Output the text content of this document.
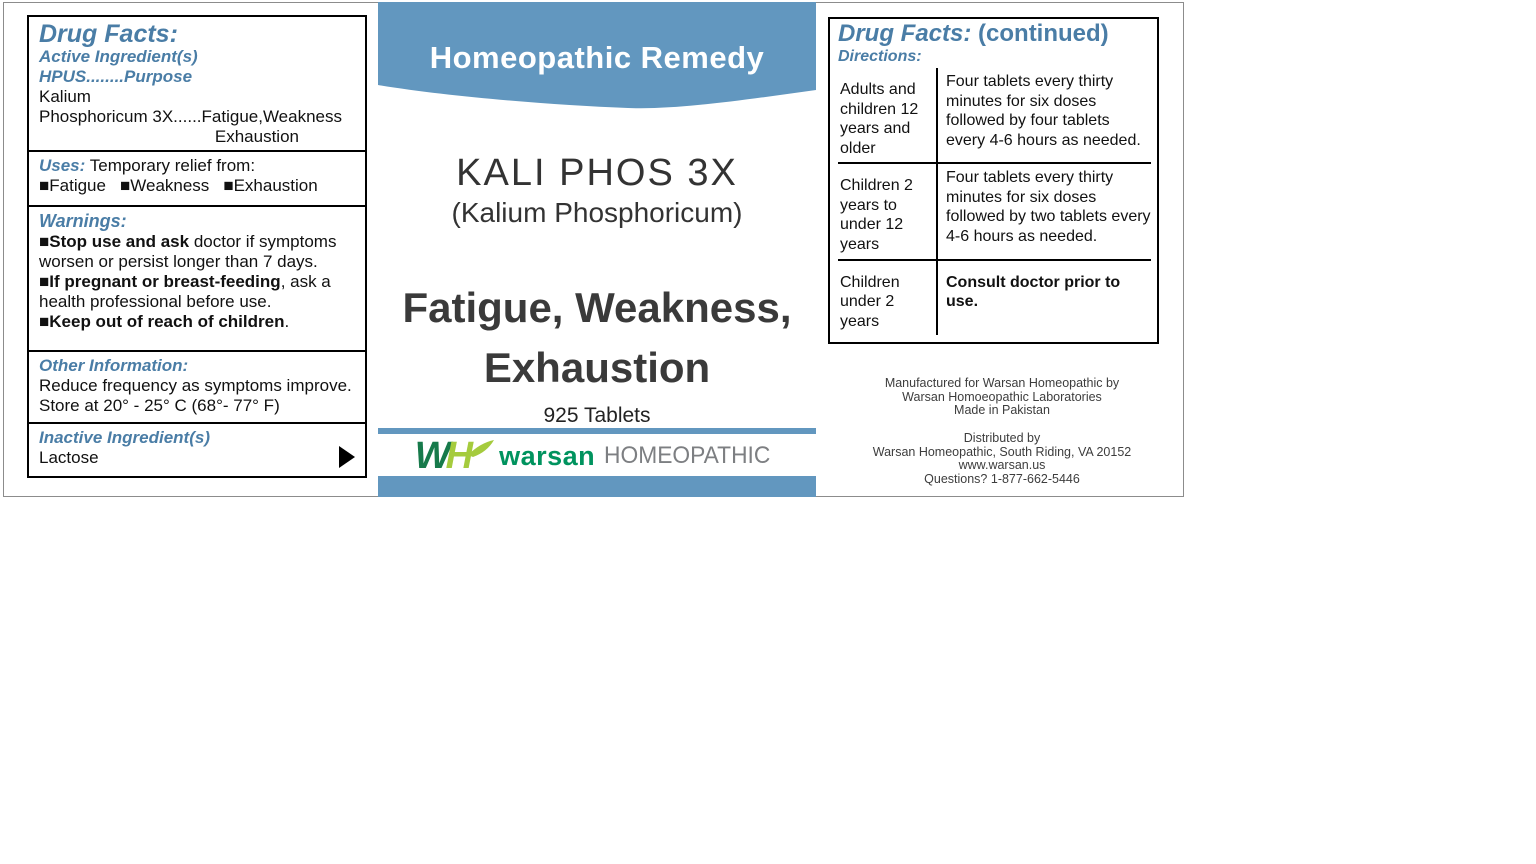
Drug Facts:
Active Ingredient(s) HPUS........Purpose
Kalium
Phosphoricum 3X......Fatigue,Weakness
Exhaustion
Uses: Temporary relief from:
■Fatigue ■Weakness ■Exhaustion
Warnings:
■Stop use and ask doctor if symptoms worsen or persist longer than 7 days.
■If pregnant or breast-feeding, ask a health professional before use.
■Keep out of reach of children.
Other Information:
Reduce frequency as symptoms improve.
Store at 20° - 25° C (68°- 77° F)
Inactive Ingredient(s)
Lactose
Homeopathic Remedy
KALI PHOS 3X
(Kalium Phosphoricum)
Fatigue, Weakness,
Exhaustion
925 Tablets
W
H warsan HOMEOPATHIC
Drug Facts: (continued)
Directions:
Adults and children 12 years and older
Four tablets every thirty minutes for six doses followed by four tablets every 4-6 hours as needed.
Children 2 years to under 12 years
Four tablets every thirty minutes for six doses followed by two tablets every 4-6 hours as needed.
Children under 2 years
Consult doctor prior to use.
Manufactured for Warsan Homeopathic by
Warsan Homoeopathic Laboratories
Made in Pakistan
Distributed by
Warsan Homeopathic, South Riding, VA 20152
www.warsan.us
Questions? 1-877-662-5446
